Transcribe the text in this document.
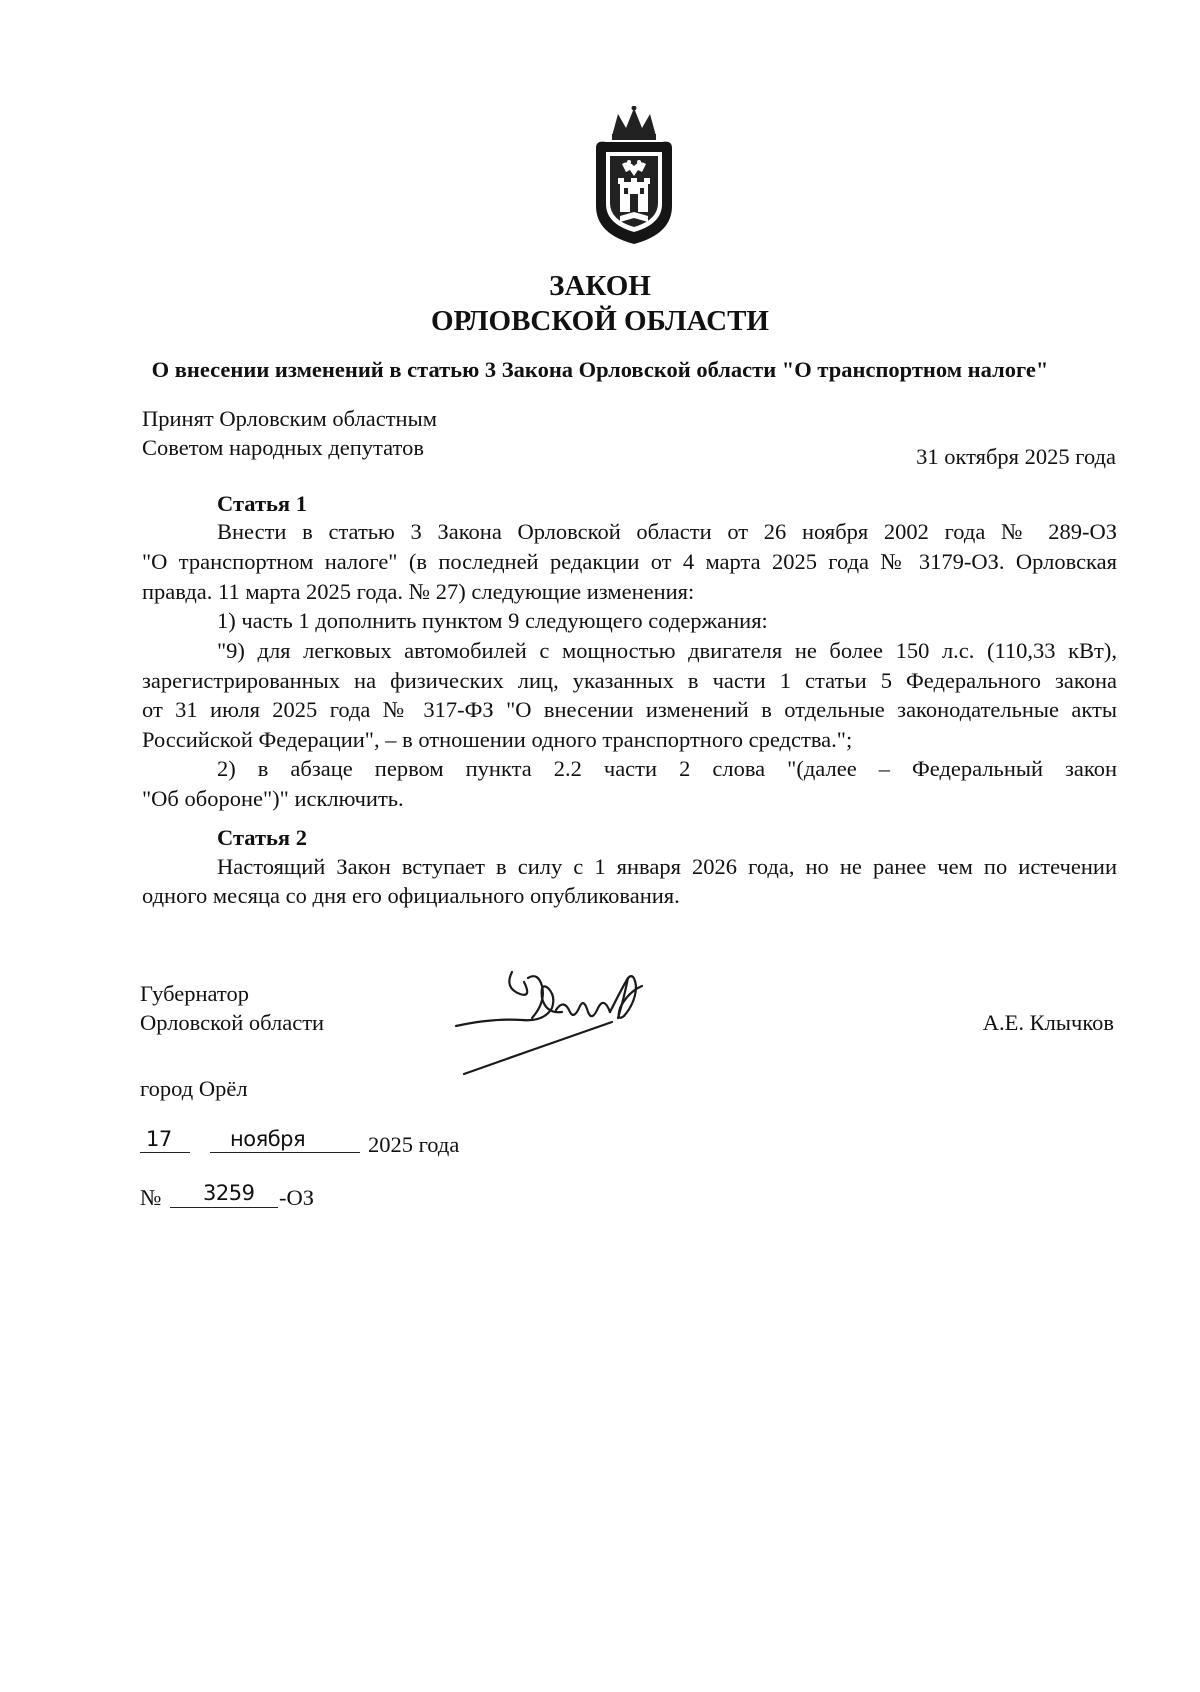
ЗАКОН
ОРЛОВСКОЙ ОБЛАСТИ
О внесении изменений в статью 3 Закона Орловской области "О транспортном налоге"
Принят Орловским областным
Советом народных депутатов	31 октября 2025 года
Статья 1
Внести в статью 3 Закона Орловской области от 26 ноября 2002 года № 289-ОЗ
"О транспортном налоге" (в последней редакции от 4 марта 2025 года № 3179-ОЗ. Орловская
правда. 11 марта 2025 года. № 27) следующие изменения:
1) часть 1 дополнить пунктом 9 следующего содержания:
"9) для легковых автомобилей с мощностью двигателя не более 150 л.с. (110,33 кВт),
зарегистрированных на физических лиц, указанных в части 1 статьи 5 Федерального закона
от 31 июля 2025 года № 317-ФЗ "О внесении изменений в отдельные законодательные акты
Российской Федерации", – в отношении одного транспортного средства.";
2) в абзаце первом пункта 2.2 части 2 слова "(далее – Федеральный закон
"Об обороне")" исключить.
Статья 2
Настоящий Закон вступает в силу с 1 января 2026 года, но не ранее чем по истечении
одного месяца со дня его официального опубликования.
Губернатор
Орловской области	А.Е. Клычков
город Орёл
17	ноября	2025 года
№ 3259 -ОЗ
